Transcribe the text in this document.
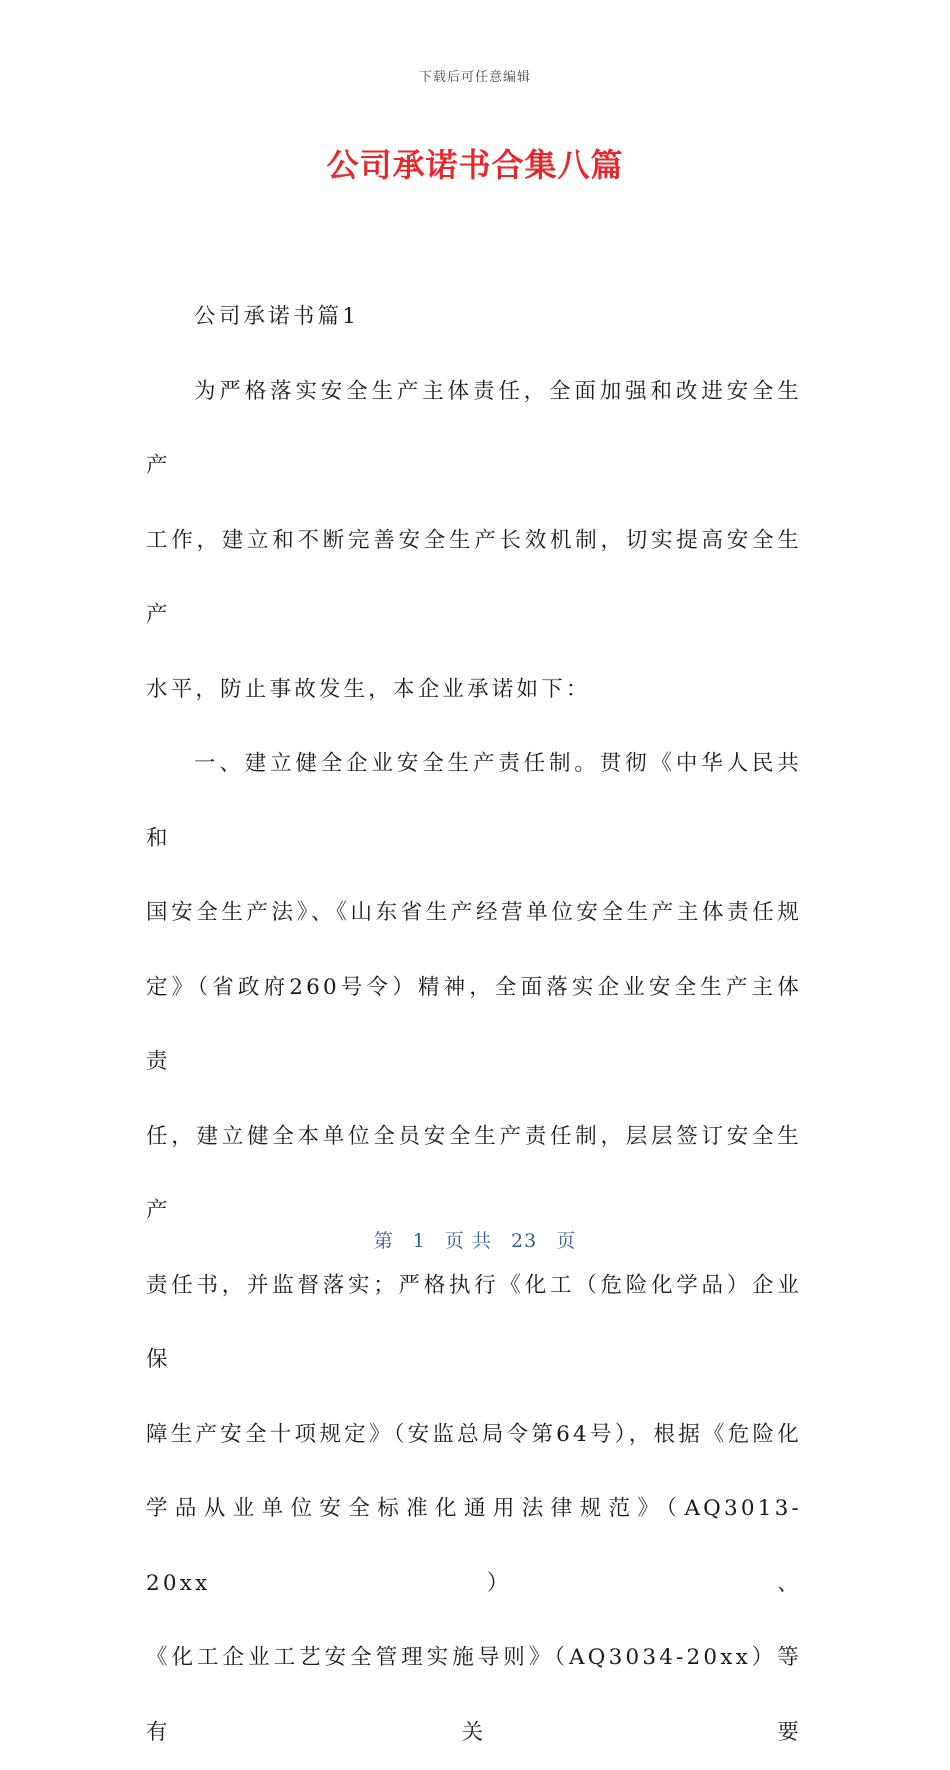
下载后可任意编辑
公司承诺书合集八篇

公司承诺书篇1

为严格落实安全生产主体责任，全面加强和改进安全生产

工作，建立和不断完善安全生产长效机制，切实提高安全生产

水平，防止事故发生，本企业承诺如下：

一、建立健全企业安全生产责任制。贯彻《中华人民共和

国安全生产法》、《山东省生产经营单位安全生产主体责任规

定》（省政府260号令）精神，全面落实企业安全生产主体责

任，建立健全本单位全员安全生产责任制，层层签订安全生产

责任书，并监督落实；严格执行《化工（危险化学品）企业保

障生产安全十项规定》（安监总局令第64号），根据《危险化

学品从业单位安全标准化通用法律规范》（AQ3013-20xx）、

《化工企业工艺安全管理实施导则》（AQ3034-20xx）等有关要

第 1 页 共 23 页
